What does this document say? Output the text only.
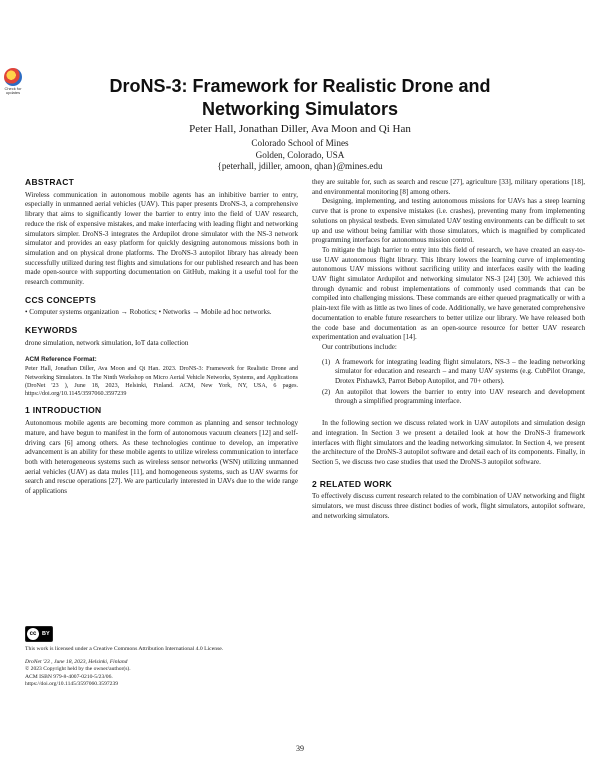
Check for updates	DroNS-3: Framework for Realistic Drone and Networking Simulators
Peter Hall, Jonathan Diller, Ava Moon and Qi Han
Colorado School of Mines
Golden, Colorado, USA
{peterhall, jdiller, amoon, qhan}@mines.edu
ABSTRACT

Wireless communication in autonomous mobile agents has an inhibitive barrier to entry, especially in unmanned aerial vehicles (UAV). This paper presents DroNS-3, a comprehensive library that aims to significantly lower the barrier to entry into the field of UAV research, reduce the risk of expensive mistakes, and make interfacing with leading flight and networking simulators simpler. DroNS-3 integrates the Ardupilot drone simulator with the NS-3 network simulator and provides an easy platform for quickly designing autonomous missions both in simulation and on physical drone platforms. The DroNS-3 autopilot library has already been successfully utilized during test flights and simulations for our published research and has been made open-source with supporting documentation on GitHub, making it a useful tool for the research community.

CCS CONCEPTS

• Computer systems organization → Robotics; • Networks → Mobile ad hoc networks.

KEYWORDS

drone simulation, network simulation, IoT data collection

ACM Reference Format:

Peter Hall, Jonathan Diller, Ava Moon and Qi Han. 2023. DroNS-3: Framework for Realistic Drone and Networking Simulators. In The Ninth Workshop on Micro Aerial Vehicle Networks, Systems, and Applications (DroNet '23 ), June 18, 2023, Helsinki, Finland. ACM, New York, NY, USA, 6 pages. https://doi.org/10.1145/3597060.3597239

1 INTRODUCTION

Autonomous mobile agents are becoming more common as planning and sensor technology mature, and have begun to manifest in the form of autonomous vacuum cleaners [12] and self-driving cars [6] among others. As these technologies continue to develop, an imperative advancement is an ability for these mobile agents to utilize wireless communication to interface both with heterogeneous systems such as wireless sensor networks (WSN) utilizing unmanned aerial vehicles (UAV) as data mules [11], and homogeneous systems, such as UAV swarms for search and rescue operations [27]. We are particularly interested in UAVs due to the wide range of applications

cc	BY
This work is licensed under a Creative Commons Attribution International 4.0 License.
DroNet '23 , June 18, 2023, Helsinki, Finland
© 2023 Copyright held by the owner/author(s).
ACM ISBN 979-8-4007-0210-5/23/06.
https://doi.org/10.1145/3597060.3597239

they are suitable for, such as search and rescue [27], agriculture [33], military operations [18], and environmental monitoring [8] among others.

Designing, implementing, and testing autonomous missions for UAVs has a steep learning curve that is prone to expensive mistakes (i.e. crashes), preventing many from implementing solutions on physical testbeds. Even simulated UAV testing environments can be difficult to set up and use without being familiar with those simulators, which is magnified by complicated programming interfaces for autonomous mission control.

To mitigate the high barrier to entry into this field of research, we have created an easy-to-use UAV autonomous flight library. This library lowers the learning curve of implementing autonomous UAV missions without sacrificing utility and interfaces easily with the leading UAV flight simulator Ardupilot and networking simulator NS-3 [24] [30]. We achieved this through dynamic and robust implementations of commonly used commands that can be compiled into challenging missions. These commands are either queued pragmatically or with a plain-text file with as little as two lines of code. Additionally, we have generated comprehensive documentation to enable future researchers to better utilize our library. We have released both the code base and documentation as an open-source resource for better UAV research experimentation and evaluation [14].

Our contributions include:

(1) A framework for integrating leading flight simulators, NS-3 – the leading networking simulator for education and research – and many UAV systems (e.g. CubPilot Orange, Drotex Pixhawk3, Parrot Bebop Autopilot, and 70+ others).
(2) An autopilot that lowers the barrier to entry into UAV research and development through a simplified programming interface.

In the following section we discuss related work in UAV autopilots and simulation design and integration. In Section 3 we present a detailed look at how the DroNS-3 framework interfaces with flight simulators and the leading networking simulator. In Section 4, we present the architecture of the DroNS-3 autopilot software and detail each of its components. Finally, in Section 5, we discuss two case studies that used the DroNS-3 autopilot software.

2 RELATED WORK

To effectively discuss current research related to the combination of UAV networking and flight simulators, we must discuss three distinct bodies of work, flight simulators, autopilot software, and networking simulators.

39
